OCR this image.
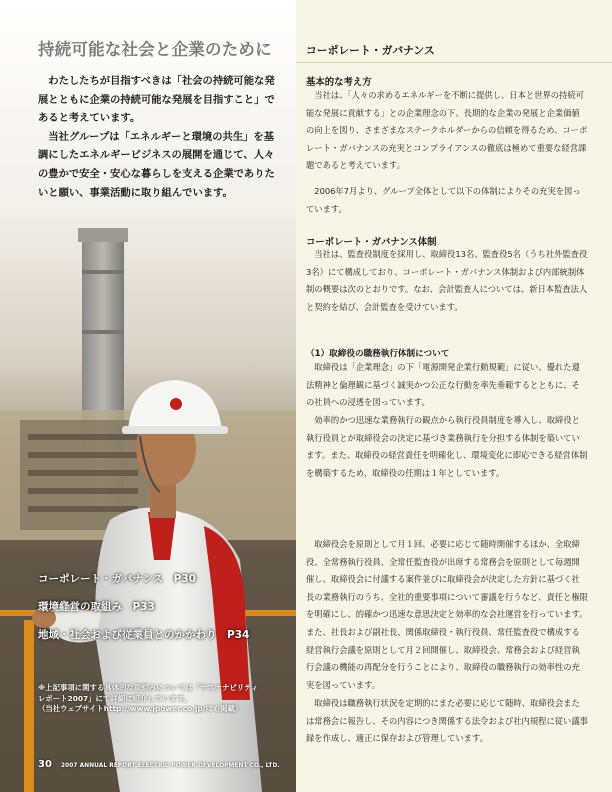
持続可能な社会と企業のために

わたしたちが目指すべきは「社会の持続可能な発展とともに企業の持続可能な発展を目指すこと」であると考えています。

当社グループは「エネルギーと環境の共生」を基調にしたエネルギービジネスの展開を通じて、人々の豊かで安全・安心な暮らしを支える企業でありたいと願い、事業活動に取り組んでいます。

コーポレート・ガバナンス　P30
環境経営の取組み　P33
地域・社会および従業員とのかかわり　P34
※上記事項に関する具体的な取組みについては「サステナビリティ
レポート2007」にて詳細に紹介しています。
（当社ウェブサイトhttp://www.jpower.co.jp/にも掲載）
30 2007 ANNUAL REPORT ELECTRIC POWER DEVELOPMENT CO., LTD.
コーポレート・ガバナンス
基本的な考え方

当社は、「人々の求めるエネルギーを不断に提供し、日本と世界の持続可能な発展に貢献する」との企業理念の下、長期的な企業の発展と企業価値の向上を図り、さまざまなステークホルダーからの信頼を得るため、コーポレート・ガバナンスの充実とコンプライアンスの徹底は極めて重要な経営課題であると考えています。

2006年7月より、グループ全体として以下の体制によりその充実を図っています。

コーポレート・ガバナンス体制

当社は、監査役制度を採用し、取締役13名、監査役5名（うち社外監査役3名）にて構成しており、コーポレート・ガバナンス体制および内部統制体制の概要は次のとおりです。なお、会計監査人については、新日本監査法人と契約を結び、会計監査を受けています。

（1）取締役の職務執行体制について

取締役は「企業理念」の下「電源開発企業行動規範」に従い、優れた遵法精神と倫理観に基づく誠実かつ公正な行動を率先垂範するとともに、その社員への浸透を図っています。

効率的かつ迅速な業務執行の観点から執行役員制度を導入し、取締役と執行役員とが取締役会の決定に基づき業務執行を分担する体制を築いています。また、取締役の経営責任を明確化し、環境変化に即応できる経営体制を構築するため、取締役の任期は１年としています。

取締役会を原則として月１回、必要に応じて随時開催するほか、全取締役、全常務執行役員、全常任監査役が出席する常務会を原則として毎週開催し、取締役会に付議する案件並びに取締役会が決定した方針に基づく社長の業務執行のうち、全社的重要事項について審議を行うなど、責任と権限を明確にし、的確かつ迅速な意思決定と効率的な会社運営を行っています。また、社長および副社長、関係取締役・執行役員、常任監査役で構成する経営執行会議を原則として月２回開催し、取締役会、常務会および経営執行会議の機能の再配分を行うことにより、取締役の職務執行の効率性の充実を図っています。

取締役は職務執行状況を定期的にまた必要に応じて随時、取締役会または常務会に報告し、その内容につき関係する法令および社内規程に従い議事録を作成し、適正に保存および管理しています。
